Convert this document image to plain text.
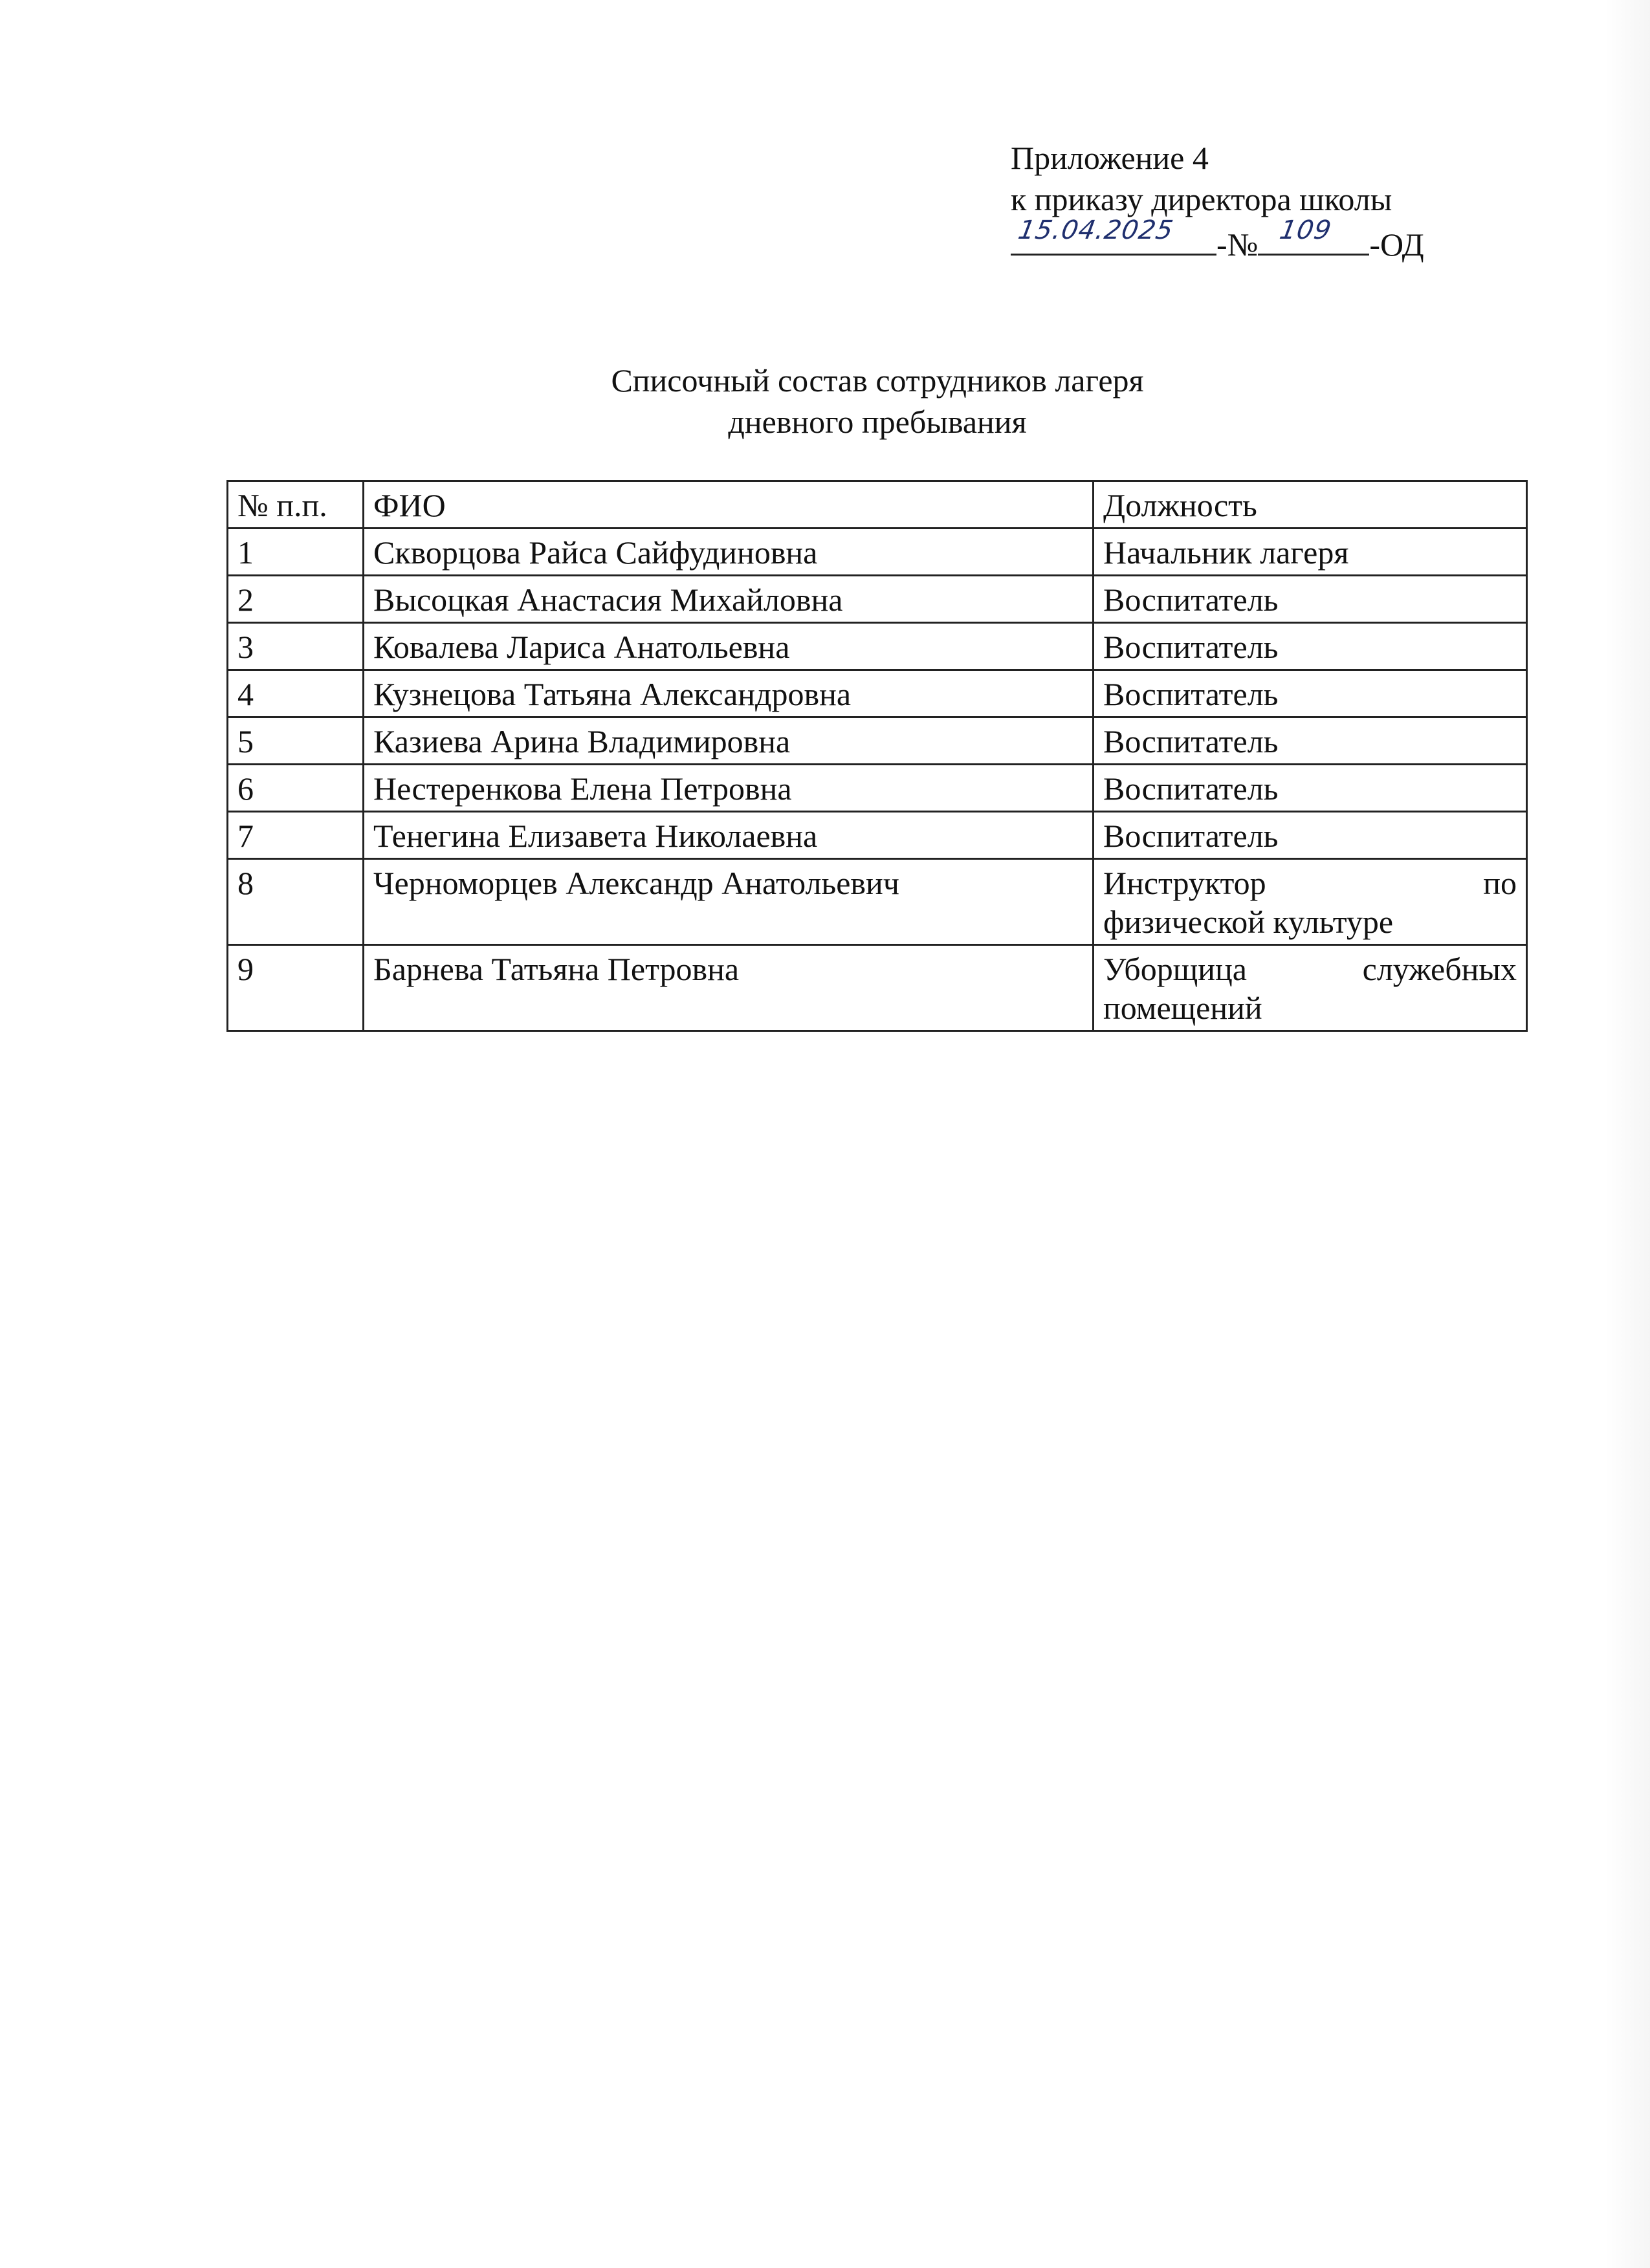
Приложение 4
к приказу директора школы
15.04.2025 -№ 109 -ОД
Списочный состав сотрудников лагеря
дневного пребывания
№ п.п.	ФИО	Должность
1	Скворцова Райса Сайфудиновна	Начальник лагеря
2	Высоцкая Анастасия Михайловна	Воспитатель
3	Ковалева Лариса Анатольевна	Воспитатель
4	Кузнецова Татьяна Александровна	Воспитатель
5	Казиева Арина Владимировна	Воспитатель
6	Нестеренкова Елена Петровна	Воспитатель
7	Тенегина Елизавета Николаевна	Воспитатель
8	Черноморцев Александр Анатольевич	Инструктор по
физической культуре

9	Барнева Татьяна Петровна	Уборщица служебных
помещений
